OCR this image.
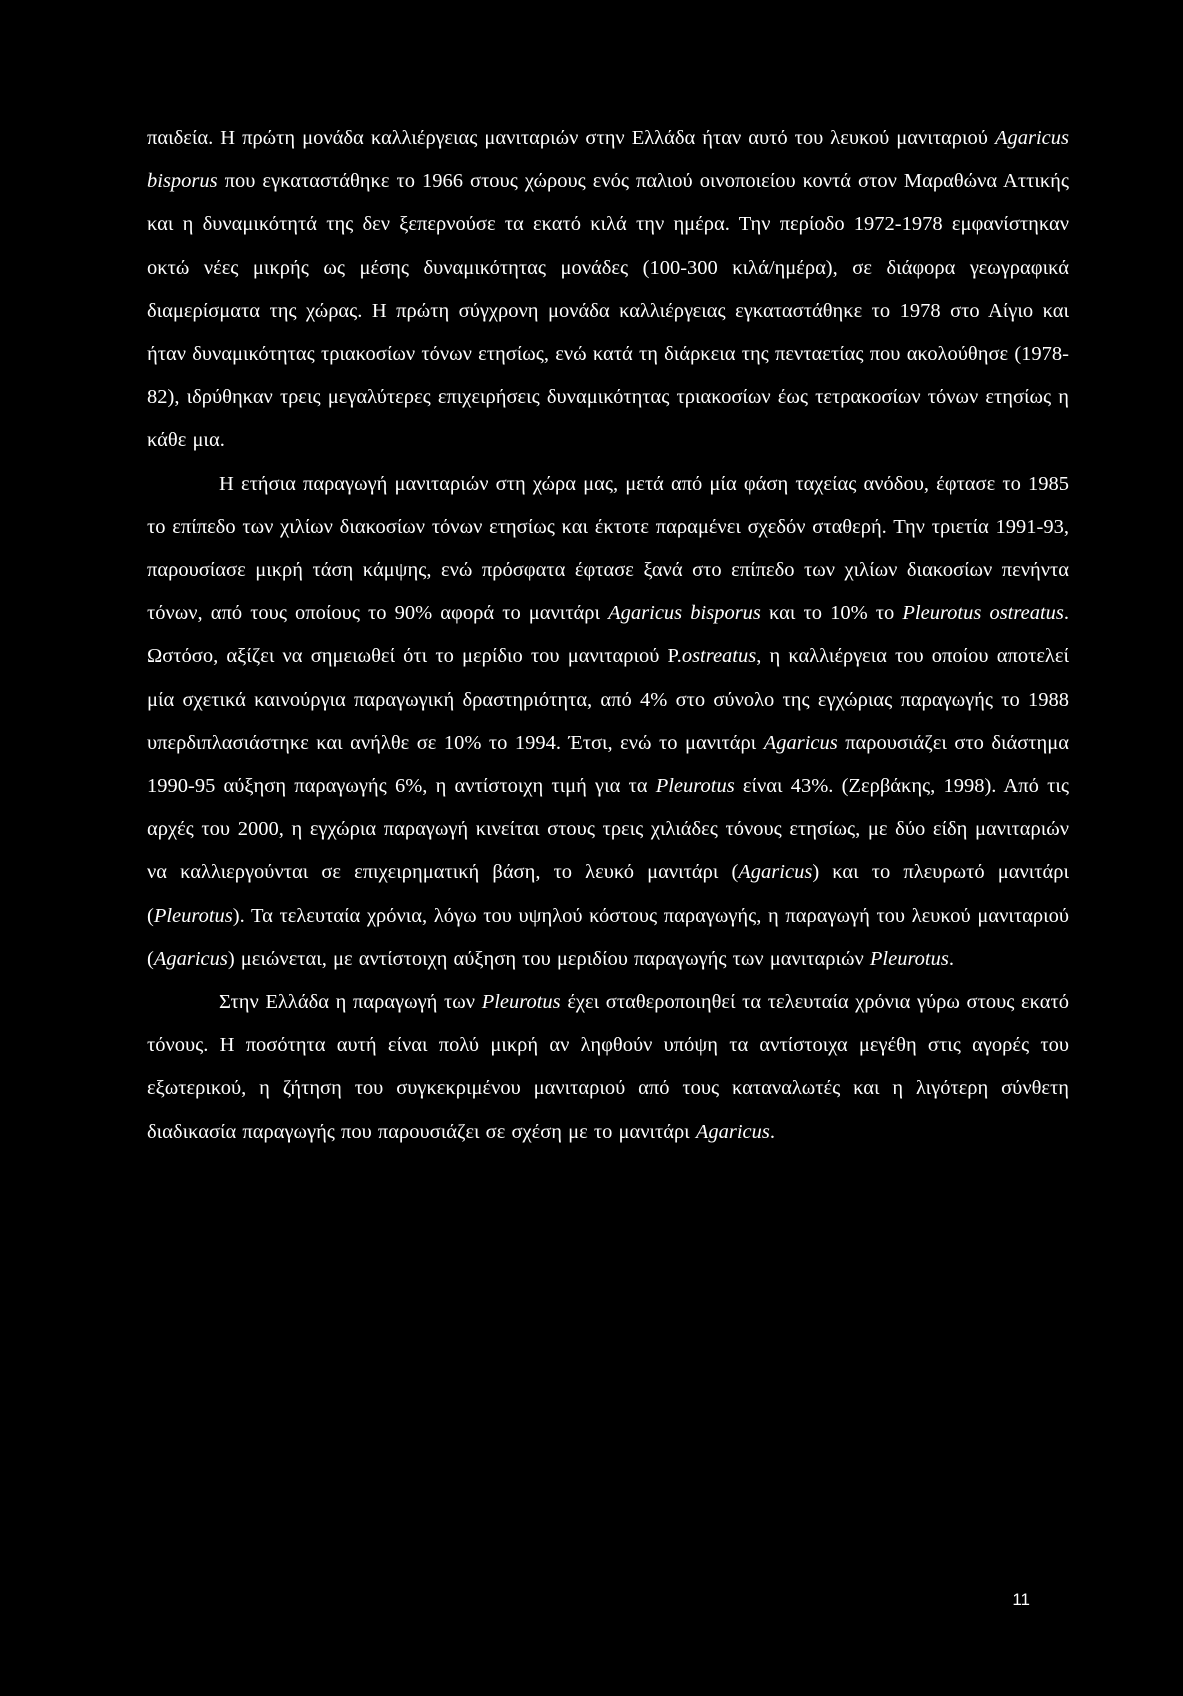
παιδεία. Η πρώτη μονάδα καλλιέργειας μανιταριών στην Ελλάδα ήταν αυτό του λευκού μανιταριού Agaricus bisporus που εγκαταστάθηκε το 1966 στους χώρους ενός παλιού οινοποιείου κοντά στον Μαραθώνα Αττικής και η δυναμικότητά της δεν ξεπερνούσε τα εκατό κιλά την ημέρα. Την περίοδο 1972-1978 εμφανίστηκαν οκτώ νέες μικρής ως μέσης δυναμικότητας μονάδες (100-300 κιλά/ημέρα), σε διάφορα γεωγραφικά διαμερίσματα της χώρας. Η πρώτη σύγχρονη μονάδα καλλιέργειας εγκαταστάθηκε το 1978 στο Αίγιο και ήταν δυναμικότητας τριακοσίων τόνων ετησίως, ενώ κατά τη διάρκεια της πενταετίας που ακολούθησε (1978-82), ιδρύθηκαν τρεις μεγαλύτερες επιχειρήσεις δυναμικότητας τριακοσίων έως τετρακοσίων τόνων ετησίως η κάθε μια.

Η ετήσια παραγωγή μανιταριών στη χώρα μας, μετά από μία φάση ταχείας ανόδου, έφτασε το 1985 το επίπεδο των χιλίων διακοσίων τόνων ετησίως και έκτοτε παραμένει σχεδόν σταθερή. Την τριετία 1991-93, παρουσίασε μικρή τάση κάμψης, ενώ πρόσφατα έφτασε ξανά στο επίπεδο των χιλίων διακοσίων πενήντα τόνων, από τους οποίους το 90% αφορά το μανιτάρι Agaricus bisporus και το 10% το Pleurotus ostreatus. Ωστόσο, αξίζει να σημειωθεί ότι το μερίδιο του μανιταριού Ρ.ostreatus, η καλλιέργεια του οποίου αποτελεί μία σχετικά καινούργια παραγωγική δραστηριότητα, από 4% στο σύνολο της εγχώριας παραγωγής το 1988 υπερδιπλασιάστηκε και ανήλθε σε 10% το 1994. Έτσι, ενώ το μανιτάρι Agaricus παρουσιάζει στο διάστημα 1990-95 αύξηση παραγωγής 6%, η αντίστοιχη τιμή για τα Pleurotus είναι 43%. (Ζερβάκης, 1998). Από τις αρχές του 2000, η εγχώρια παραγωγή κινείται στους τρεις χιλιάδες τόνους ετησίως, με δύο είδη μανιταριών να καλλιεργούνται σε επιχειρηματική βάση, το λευκό μανιτάρι (Agaricus) και το πλευρωτό μανιτάρι (Pleurotus). Τα τελευταία χρόνια, λόγω του υψηλού κόστους παραγωγής, η παραγωγή του λευκού μανιταριού (Agaricus) μειώνεται, με αντίστοιχη αύξηση του μεριδίου παραγωγής των μανιταριών Pleurotus.

Στην Ελλάδα η παραγωγή των Pleurotus έχει σταθεροποιηθεί τα τελευταία χρόνια γύρω στους εκατό τόνους. Η ποσότητα αυτή είναι πολύ μικρή αν ληφθούν υπόψη τα αντίστοιχα μεγέθη στις αγορές του εξωτερικού, η ζήτηση του συγκεκριμένου μανιταριού από τους καταναλωτές και η λιγότερη σύνθετη διαδικασία παραγωγής που παρουσιάζει σε σχέση με το μανιτάρι Agaricus.

11
